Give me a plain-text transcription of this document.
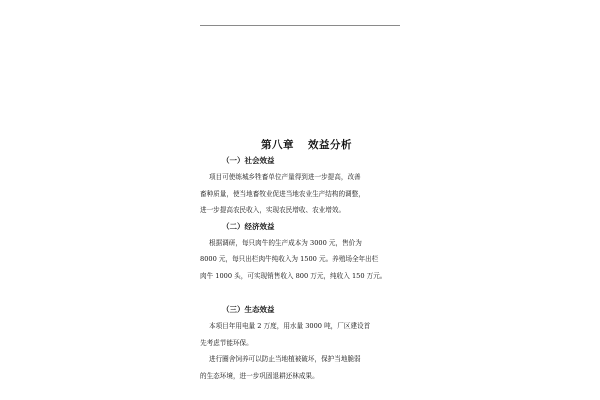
第八章 效益分析
（一）社会效益

项目可使练城乡牲畜单位产量得到进一步提高，改善
畜种质量，使当地畜牧业促进当地农业生产结构的调整，
进一步提高农民收入，实现农民增收、农业增效。

（二）经济效益

根据调研，每只肉牛的生产成本为 3000 元，售价为
8000 元，每只出栏肉牛纯收入为 1500 元。养殖场全年出栏
肉牛 1000 头，可实现销售收入 800 万元，纯收入 150 万元。

（三）生态效益

本项目年用电量 2 万度，用水量 3000 吨，厂区建设首
先考虑节能环保。

进行圈舍饲养可以防止当地植被破坏，保护当地脆弱
的生态环境，进一步巩固退耕还林成果。
